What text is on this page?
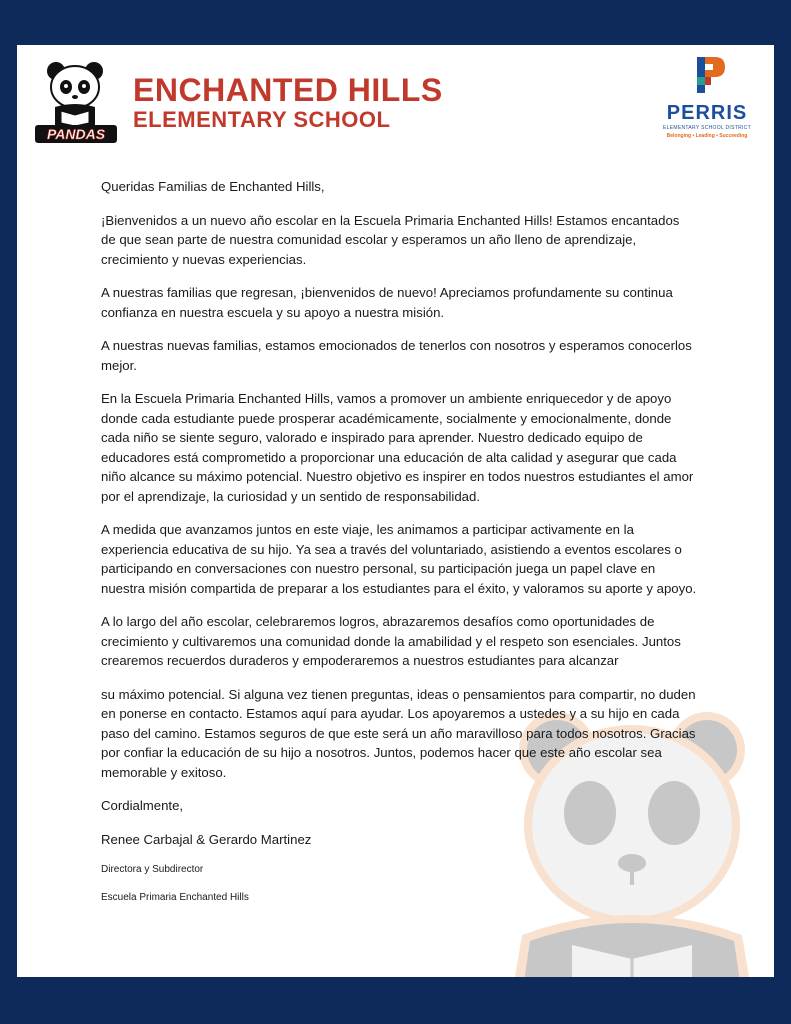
PANDAS
ENCHANTED HILLS
ELEMENTARY SCHOOL	PERRIS
ELEMENTARY SCHOOL DISTRICT
Belonging • Leading • Succeeding

Queridas Familias de Enchanted Hills,

¡Bienvenidos a un nuevo año escolar en la Escuela Primaria Enchanted Hills! Estamos encantados de que sean parte de nuestra comunidad escolar y esperamos un año lleno de aprendizaje, crecimiento y nuevas experiencias.

A nuestras familias que regresan, ¡bienvenidos de nuevo! Apreciamos profundamente su continua confianza en nuestra escuela y su apoyo a nuestra misión.

A nuestras nuevas familias, estamos emocionados de tenerlos con nosotros y esperamos conocerlos mejor.

En la Escuela Primaria Enchanted Hills, vamos a promover un ambiente enriquecedor y de apoyo donde cada estudiante puede prosperar académicamente, socialmente y emocionalmente, donde cada niño se siente seguro, valorado e inspirado para aprender. Nuestro dedicado equipo de educadores está comprometido a proporcionar una educación de alta calidad y asegurar que cada niño alcance su máximo potencial. Nuestro objetivo es inspirer en todos nuestros estudiantes el amor por el aprendizaje, la curiosidad y un sentido de responsabilidad.

A medida que avanzamos juntos en este viaje, les animamos a participar activamente en la experiencia educativa de su hijo. Ya sea a través del voluntariado, asistiendo a eventos escolares o participando en conversaciones con nuestro personal, su participación juega un papel clave en nuestra misión compartida de preparar a los estudiantes para el éxito, y valoramos su aporte y apoyo.

A lo largo del año escolar, celebraremos logros, abrazaremos desafíos como oportunidades de crecimiento y cultivaremos una comunidad donde la amabilidad y el respeto son esenciales. Juntos crearemos recuerdos duraderos y empoderaremos a nuestros estudiantes para alcanzar

su máximo potencial. Si alguna vez tienen preguntas, ideas o pensamientos para compartir, no duden en ponerse en contacto. Estamos aquí para ayudar. Los apoyaremos a ustedes y a su hijo en cada paso del camino. Estamos seguros de que este será un año maravilloso para todos nosotros. Gracias por confiar la educación de su hijo a nosotros. Juntos, podemos hacer que este año escolar sea memorable y exitoso.

Cordialmente,

Renee Carbajal & Gerardo Martinez

Directora y Subdirector

Escuela Primaria Enchanted Hills
